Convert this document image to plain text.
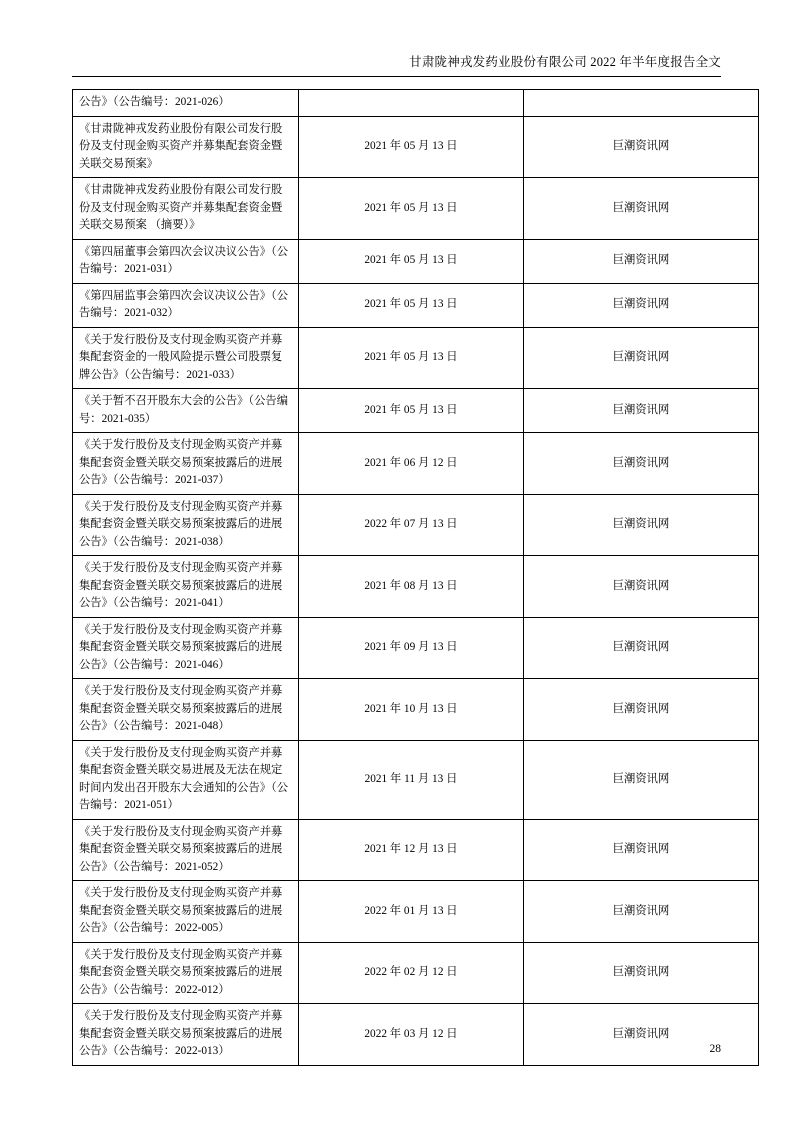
甘肃陇神戎发药业股份有限公司 2022 年半年度报告全文
公告》（公告编号：2021-026）		
《甘肃陇神戎发药业股份有限公司发行股份及支付现金购买资产并募集配套资金暨关联交易预案》	2021 年 05 月 13 日	巨潮资讯网
《甘肃陇神戎发药业股份有限公司发行股份及支付现金购买资产并募集配套资金暨关联交易预案 （摘要）》	2021 年 05 月 13 日	巨潮资讯网
《第四届董事会第四次会议决议公告》（公告编号：2021-031）	2021 年 05 月 13 日	巨潮资讯网
《第四届监事会第四次会议决议公告》（公告编号：2021-032）	2021 年 05 月 13 日	巨潮资讯网
《关于发行股份及支付现金购买资产并募集配套资金的一般风险提示暨公司股票复牌公告》（公告编号：2021-033）	2021 年 05 月 13 日	巨潮资讯网
《关于暂不召开股东大会的公告》（公告编号：2021-035）	2021 年 05 月 13 日	巨潮资讯网
《关于发行股份及支付现金购买资产并募集配套资金暨关联交易预案披露后的进展公告》（公告编号：2021-037）	2021 年 06 月 12 日	巨潮资讯网
《关于发行股份及支付现金购买资产并募集配套资金暨关联交易预案披露后的进展公告》（公告编号：2021-038）	2022 年 07 月 13 日	巨潮资讯网
《关于发行股份及支付现金购买资产并募集配套资金暨关联交易预案披露后的进展公告》（公告编号：2021-041）	2021 年 08 月 13 日	巨潮资讯网
《关于发行股份及支付现金购买资产并募集配套资金暨关联交易预案披露后的进展公告》（公告编号：2021-046）	2021 年 09 月 13 日	巨潮资讯网
《关于发行股份及支付现金购买资产并募集配套资金暨关联交易预案披露后的进展公告》（公告编号：2021-048）	2021 年 10 月 13 日	巨潮资讯网
《关于发行股份及支付现金购买资产并募集配套资金暨关联交易进展及无法在规定时间内发出召开股东大会通知的公告》（公告编号：2021-051）	2021 年 11 月 13 日	巨潮资讯网
《关于发行股份及支付现金购买资产并募集配套资金暨关联交易预案披露后的进展公告》（公告编号：2021-052）	2021 年 12 月 13 日	巨潮资讯网
《关于发行股份及支付现金购买资产并募集配套资金暨关联交易预案披露后的进展公告》（公告编号：2022-005）	2022 年 01 月 13 日	巨潮资讯网
《关于发行股份及支付现金购买资产并募集配套资金暨关联交易预案披露后的进展公告》（公告编号：2022-012）	2022 年 02 月 12 日	巨潮资讯网
《关于发行股份及支付现金购买资产并募集配套资金暨关联交易预案披露后的进展公告》（公告编号：2022-013）	2022 年 03 月 12 日	巨潮资讯网
28
